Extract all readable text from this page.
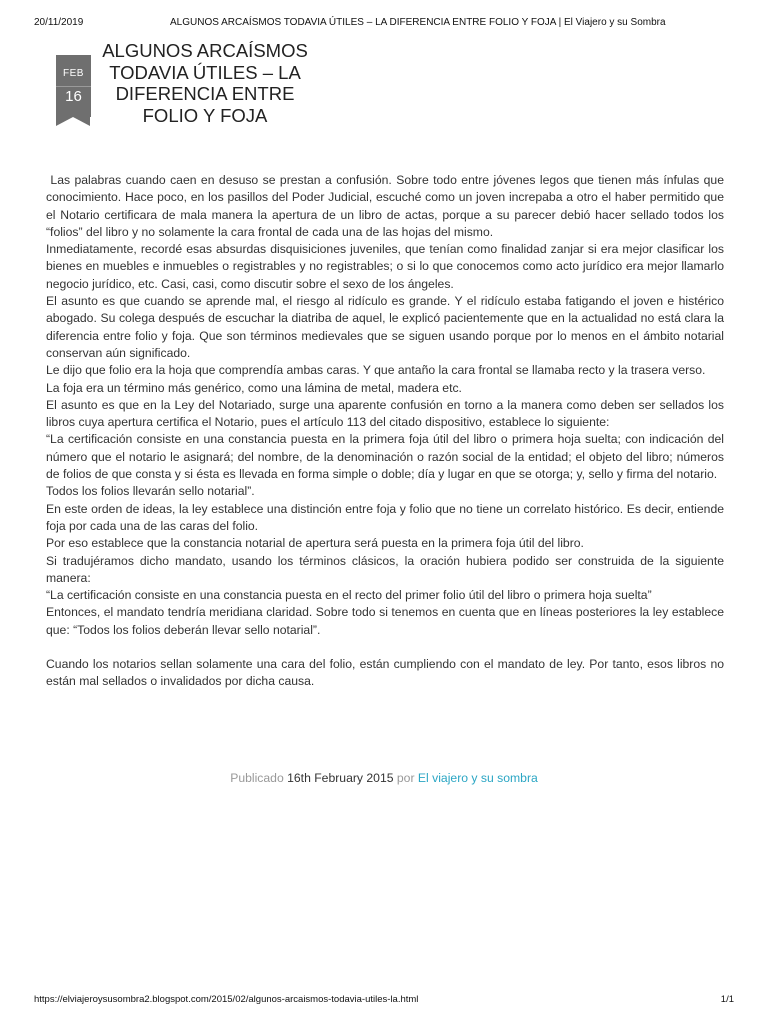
20/11/2019	ALGUNOS ARCAÍSMOS TODAVIA ÚTILES – LA DIFERENCIA ENTRE FOLIO Y FOJA | El Viajero y su Sombra
FEB
16
ALGUNOS ARCAÍSMOS TODAVIA ÚTILES – LA DIFERENCIA ENTRE FOLIO Y FOJA

Las palabras cuando caen en desuso se prestan a confusión. Sobre todo entre jóvenes legos que tienen más ínfulas que conocimiento. Hace poco, en los pasillos del Poder Judicial, escuché como un joven increpaba a otro el haber permitido que el Notario certificara de mala manera la apertura de un libro de actas, porque a su parecer debió hacer sellado todos los “folios” del libro y no solamente la cara frontal de cada una de las hojas del mismo.

Inmediatamente, recordé esas absurdas disquisiciones juveniles, que tenían como finalidad zanjar si era mejor clasificar los bienes en muebles e inmuebles o registrables y no registrables; o si lo que conocemos como acto jurídico era mejor llamarlo negocio jurídico, etc. Casi, casi, como discutir sobre el sexo de los ángeles.

El asunto es que cuando se aprende mal, el riesgo al ridículo es grande. Y el ridículo estaba fatigando el joven e histérico abogado. Su colega después de escuchar la diatriba de aquel, le explicó pacientemente que en la actualidad no está clara la diferencia entre folio y foja. Que son términos medievales que se siguen usando porque por lo menos en el ámbito notarial conservan aún significado.

Le dijo que folio era la hoja que comprendía ambas caras. Y que antaño la cara frontal se llamaba recto y la trasera verso.

La foja era un término más genérico, como una lámina de metal, madera etc.

El asunto es que en la Ley del Notariado, surge una aparente confusión en torno a la manera como deben ser sellados los libros cuya apertura certifica el Notario, pues el artículo 113 del citado dispositivo, establece lo siguiente:

“La certificación consiste en una constancia puesta en la primera foja útil del libro o primera hoja suelta; con indicación del número que el notario le asignará; del nombre, de la denominación o razón social de la entidad; el objeto del libro; números de folios de que consta y si ésta es llevada en forma simple o doble; día y lugar en que se otorga; y, sello y firma del notario.

Todos los folios llevarán sello notarial”.

En este orden de ideas, la ley establece una distinción entre foja y folio que no tiene un correlato histórico. Es decir, entiende foja por cada una de las caras del folio.

Por eso establece que la constancia notarial de apertura será puesta en la primera foja útil del libro.

Si tradujéramos dicho mandato, usando los términos clásicos, la oración hubiera podido ser construida de la siguiente manera:

“La certificación consiste en una constancia puesta en el recto del primer folio útil del libro o primera hoja suelta”

Entonces, el mandato tendría meridiana claridad. Sobre todo si tenemos en cuenta que en líneas posteriores la ley establece que: “Todos los folios deberán llevar sello notarial”.

Cuando los notarios sellan solamente una cara del folio, están cumpliendo con el mandato de ley. Por tanto, esos libros no están mal sellados o invalidados por dicha causa.

Publicado 16th February 2015 por El viajero y su sombra
https://elviajeroysusombra2.blogspot.com/2015/02/algunos-arcaismos-todavia-utiles-la.html	1/1
